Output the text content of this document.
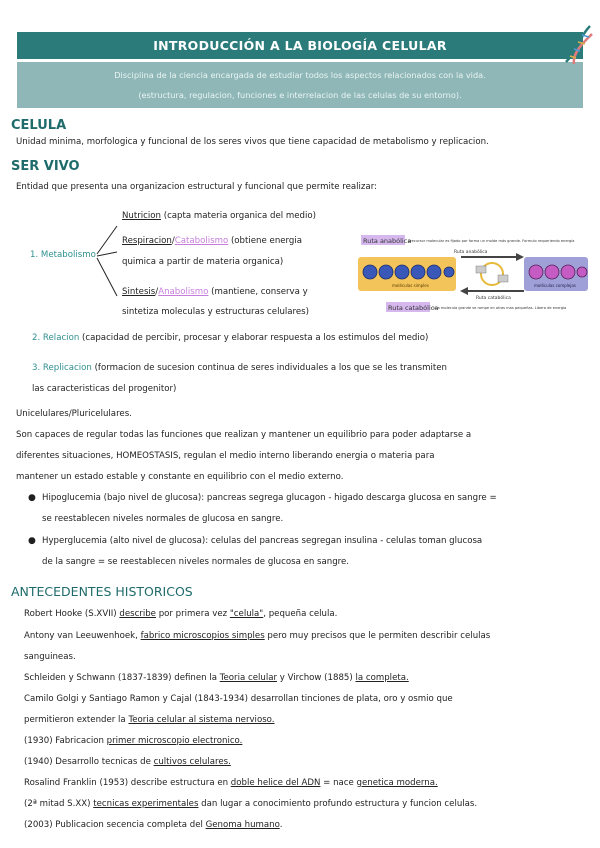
INTRODUCCIÓN A LA BIOLOGÍA CELULAR
Disciplina de la ciencia encargada de estudiar todos los aspectos relacionados con la vida.
(estructura, regulacion, funciones e interrelacion de las celulas de su entorno).
CELULA
Unidad minima, morfologica y funcional de los seres vivos que tiene capacidad de metabolismo y replicacion.
SER VIVO
Entidad que presenta una organizacion estructural y funcional que permite realizar:
1. Metabolismo
Nutricion (capta materia organica del medio)
Respiracion/Catabolismo (obtiene energia
quimica a partir de materia organica)
Sintesis/Anabolismo (mantiene, conserva y
sintetiza moleculas y estructuras celulares)
Ruta anabólica
precursor molecular es fijado por forma un molde más grande. Formulo requeriendo energía
Ruta anabólica
moléculas simples
Ruta catabólica
moléculas complejas
Ruta catabólica
una molecula grande se rompe en otras mas pequeñas. Libera de energía
2. Relacion (capacidad de percibir, procesar y elaborar respuesta a los estimulos del medio)
3. Replicacion (formacion de sucesion continua de seres individuales a los que se les transmiten
las caracteristicas del progenitor)
Unicelulares/Pluricelulares.
Son capaces de regular todas las funciones que realizan y mantener un equilibrio para poder adaptarse a
diferentes situaciones, HOMEOSTASIS, regulan el medio interno liberando energia o materia para
mantener un estado estable y constante en equilibrio con el medio externo.
● Hipoglucemia (bajo nivel de glucosa): pancreas segrega glucagon - higado descarga glucosa en sangre =
se reestablecen niveles normales de glucosa en sangre.
● Hyperglucemia (alto nivel de glucosa): celulas del pancreas segregan insulina - celulas toman glucosa
de la sangre = se reestablecen niveles normales de glucosa en sangre.
ANTECEDENTES HISTORICOS
Robert Hooke (S.XVII) describe por primera vez "celula", pequeña celula.
Antony van Leeuwenhoek, fabrico microscopios simples pero muy precisos que le permiten describir celulas
sanguineas.
Schleiden y Schwann (1837-1839) definen la Teoria celular y Virchow (1885) la completa.
Camilo Golgi y Santiago Ramon y Cajal (1843-1934) desarrollan tinciones de plata, oro y osmio que
permitieron extender la Teoria celular al sistema nervioso.
(1930) Fabricacion primer microscopio electronico.
(1940) Desarrollo tecnicas de cultivos celulares.
Rosalind Franklin (1953) describe estructura en doble helice del ADN = nace genetica moderna.
(2ª mitad S.XX) tecnicas experimentales dan lugar a conocimiento profundo estructura y funcion celulas.
(2003) Publicacion secencia completa del Genoma humano.
